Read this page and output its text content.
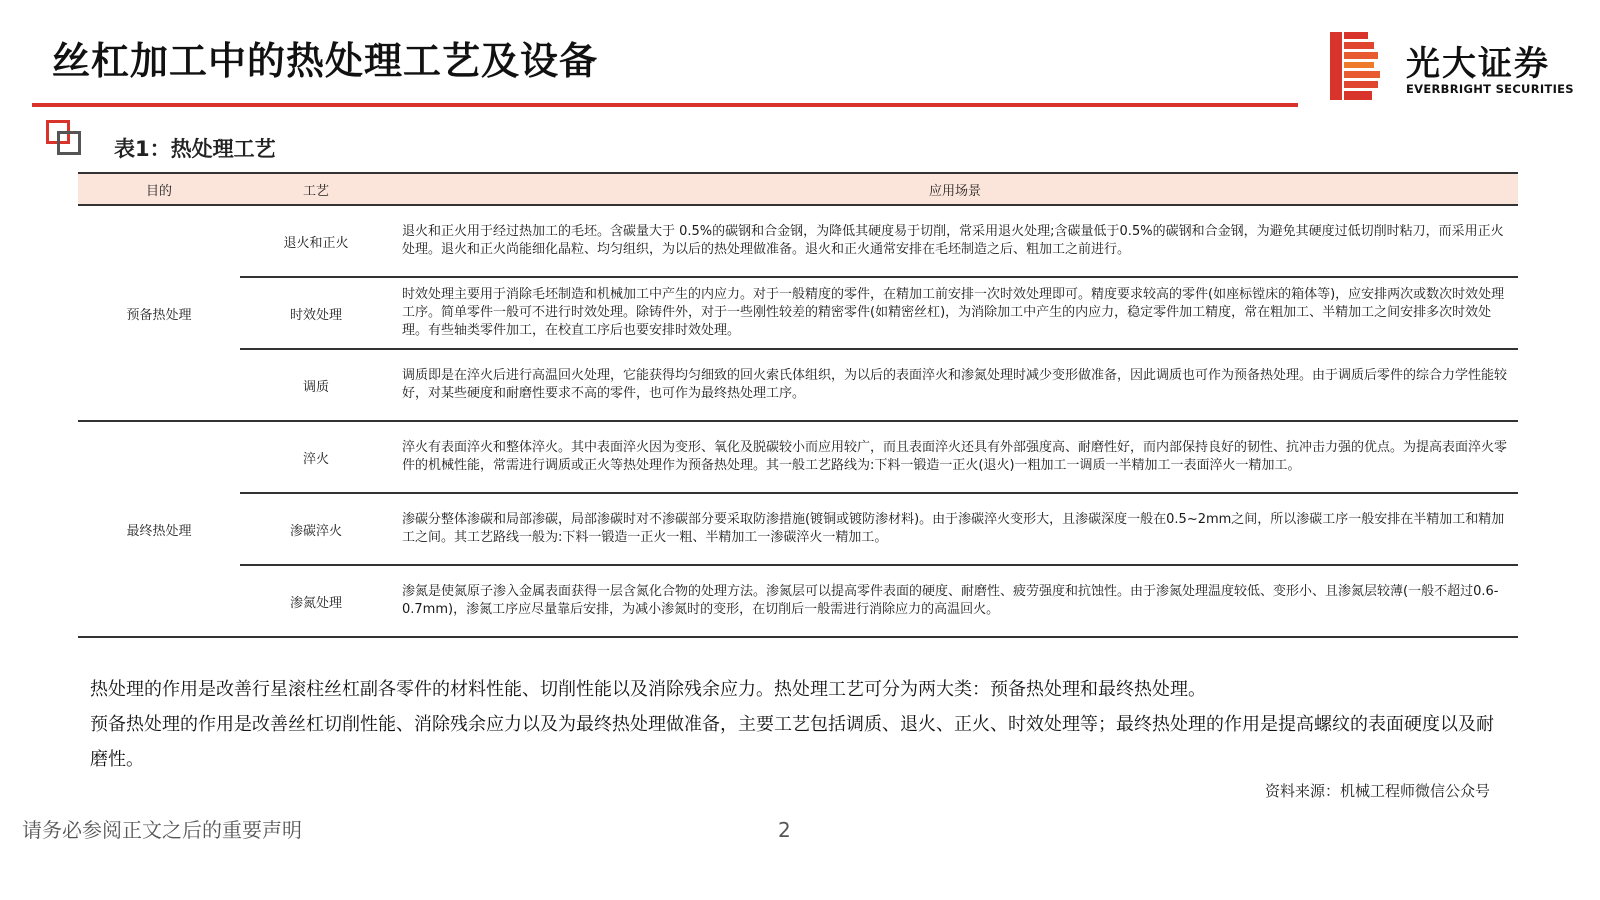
丝杠加工中的热处理工艺及设备	光大证券
EVERBRIGHT SECURITIES
表1：热处理工艺
目的	工艺	应用场景
预备热处理	退火和正火	退火和正火用于经过热加工的毛坯。含碳量大于 0.5%的碳钢和合金钢，为降低其硬度易于切削，常采用退火处理;含碳量低于0.5%的碳钢和合金钢，为避免其硬度过低切削时粘刀，而采用正火处理。退火和正火尚能细化晶粒、均匀组织，为以后的热处理做准备。退火和正火通常安排在毛坯制造之后、粗加工之前进行。
	时效处理	时效处理主要用于消除毛坯制造和机械加工中产生的内应力。对于一般精度的零件，在精加工前安排一次时效处理即可。精度要求较高的零件(如座标镗床的箱体等)，应安排两次或数次时效处理工序。简单零件一般可不进行时效处理。除铸件外，对于一些刚性较差的精密零件(如精密丝杠)，为消除加工中产生的内应力，稳定零件加工精度，常在粗加工、半精加工之间安排多次时效处理。有些轴类零件加工，在校直工序后也要安排时效处理。
	调质	调质即是在淬火后进行高温回火处理，它能获得均匀细致的回火索氏体组织，为以后的表面淬火和渗氮处理时减少变形做准备，因此调质也可作为预备热处理。由于调质后零件的综合力学性能较好，对某些硬度和耐磨性要求不高的零件，也可作为最终热处理工序。
最终热处理	淬火	淬火有表面淬火和整体淬火。其中表面淬火因为变形、氧化及脱碳较小而应用较广，而且表面淬火还具有外部强度高、耐磨性好，而内部保持良好的韧性、抗冲击力强的优点。为提高表面淬火零件的机械性能，常需进行调质或正火等热处理作为预备热处理。其一般工艺路线为:下料一锻造一正火(退火)一粗加工一调质一半精加工一表面淬火一精加工。
	渗碳淬火	渗碳分整体渗碳和局部渗碳，局部渗碳时对不渗碳部分要采取防渗措施(镀铜或镀防渗材料)。由于渗碳淬火变形大，且渗碳深度一般在0.5~2mm之间，所以渗碳工序一般安排在半精加工和精加工之间。其工艺路线一般为:下料一锻造一正火一粗、半精加工一渗碳淬火一精加工。
	渗氮处理	渗氮是使氮原子渗入金属表面获得一层含氮化合物的处理方法。渗氮层可以提高零件表面的硬度、耐磨性、疲劳强度和抗蚀性。由于渗氮处理温度较低、变形小、且渗氮层较薄(一般不超过0.6-0.7mm)，渗氮工序应尽量靠后安排，为减小渗氮时的变形，在切削后一般需进行消除应力的高温回火。

热处理的作用是改善行星滚柱丝杠副各零件的材料性能、切削性能以及消除残余应力。热处理工艺可分为两大类：预备热处理和最终热处理。

预备热处理的作用是改善丝杠切削性能、消除残余应力以及为最终热处理做准备，主要工艺包括调质、退火、正火、时效处理等；最终热处理的作用是提高螺纹的表面硬度以及耐磨性。

资料来源：机械工程师微信公众号
请务必参阅正文之后的重要声明	2
